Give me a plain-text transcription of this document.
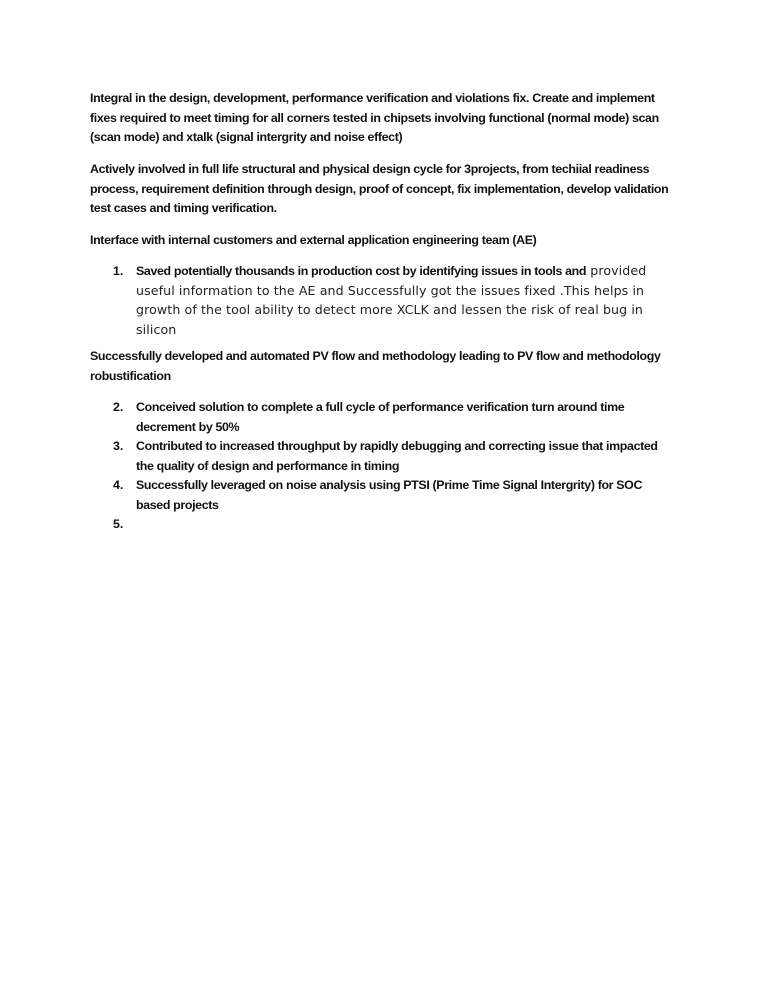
Integral in the design, development, performance verification and violations fix. Create and implement fixes required to meet timing for all corners tested in chipsets involving functional (normal mode) scan (scan mode) and xtalk (signal intergrity and noise effect)

Actively involved in full life structural and physical design cycle for 3projects, from techiial readiness process, requirement definition through design, proof of concept, fix implementation, develop validation test cases and timing verification.

Interface with internal customers and external application engineering team (AE)

1. Saved potentially thousands in production cost by identifying issues in tools and provided useful information to the AE and Successfully got the issues fixed .This helps in growth of the tool ability to detect more XCLK and lessen the risk of real bug in silicon

Successfully developed and automated PV flow and methodology leading to PV flow and methodology robustification

2. Conceived solution to complete a full cycle of performance verification turn around time decrement by 50%
3. Contributed to increased throughput by rapidly debugging and correcting issue that impacted the quality of design and performance in timing
4. Successfully leveraged on noise analysis using PTSI (Prime Time Signal Intergrity) for SOC based projects
5.
